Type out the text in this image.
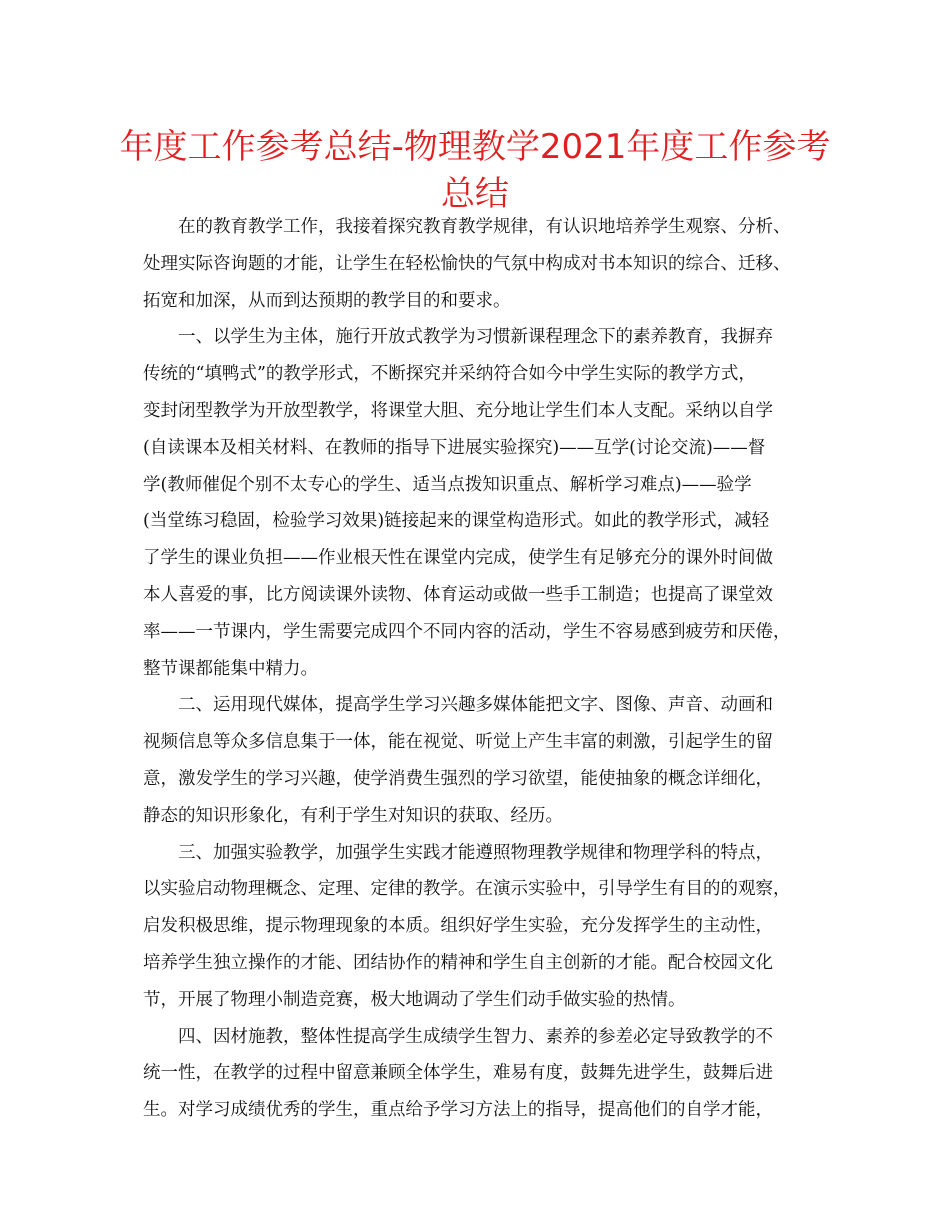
年度工作参考总结-物理教学2021年度工作参考
总结

在的教育教学工作，我接着探究教育教学规律，有认识地培养学生观察、分析、
处理实际咨询题的才能，让学生在轻松愉快的气氛中构成对书本知识的综合、迁移、
拓宽和加深，从而到达预期的教学目的和要求。

一、以学生为主体，施行开放式教学为习惯新课程理念下的素养教育，我摒弃
传统的“填鸭式”的教学形式，不断探究并采纳符合如今中学生实际的教学方式，
变封闭型教学为开放型教学，将课堂大胆、充分地让学生们本人支配。采纳以自学
(自读课本及相关材料、在教师的指导下进展实验探究)——互学(讨论交流)——督
学(教师催促个别不太专心的学生、适当点拨知识重点、解析学习难点)——验学
(当堂练习稳固，检验学习效果)链接起来的课堂构造形式。如此的教学形式，减轻
了学生的课业负担——作业根天性在课堂内完成，使学生有足够充分的课外时间做
本人喜爱的事，比方阅读课外读物、体育运动或做一些手工制造；也提高了课堂效
率——一节课内，学生需要完成四个不同内容的活动，学生不容易感到疲劳和厌倦，
整节课都能集中精力。

二、运用现代媒体，提高学生学习兴趣多媒体能把文字、图像、声音、动画和
视频信息等众多信息集于一体，能在视觉、听觉上产生丰富的刺激，引起学生的留
意，激发学生的学习兴趣，使学消费生强烈的学习欲望，能使抽象的概念详细化，
静态的知识形象化，有利于学生对知识的获取、经历。

三、加强实验教学，加强学生实践才能遵照物理教学规律和物理学科的特点，
以实验启动物理概念、定理、定律的教学。在演示实验中，引导学生有目的的观察，
启发积极思维，提示物理现象的本质。组织好学生实验，充分发挥学生的主动性，
培养学生独立操作的才能、团结协作的精神和学生自主创新的才能。配合校园文化
节，开展了物理小制造竞赛，极大地调动了学生们动手做实验的热情。

四、因材施教，整体性提高学生成绩学生智力、素养的参差必定导致教学的不
统一性，在教学的过程中留意兼顾全体学生，难易有度，鼓舞先进学生，鼓舞后进
生。对学习成绩优秀的学生，重点给予学习方法上的指导，提高他们的自学才能，
